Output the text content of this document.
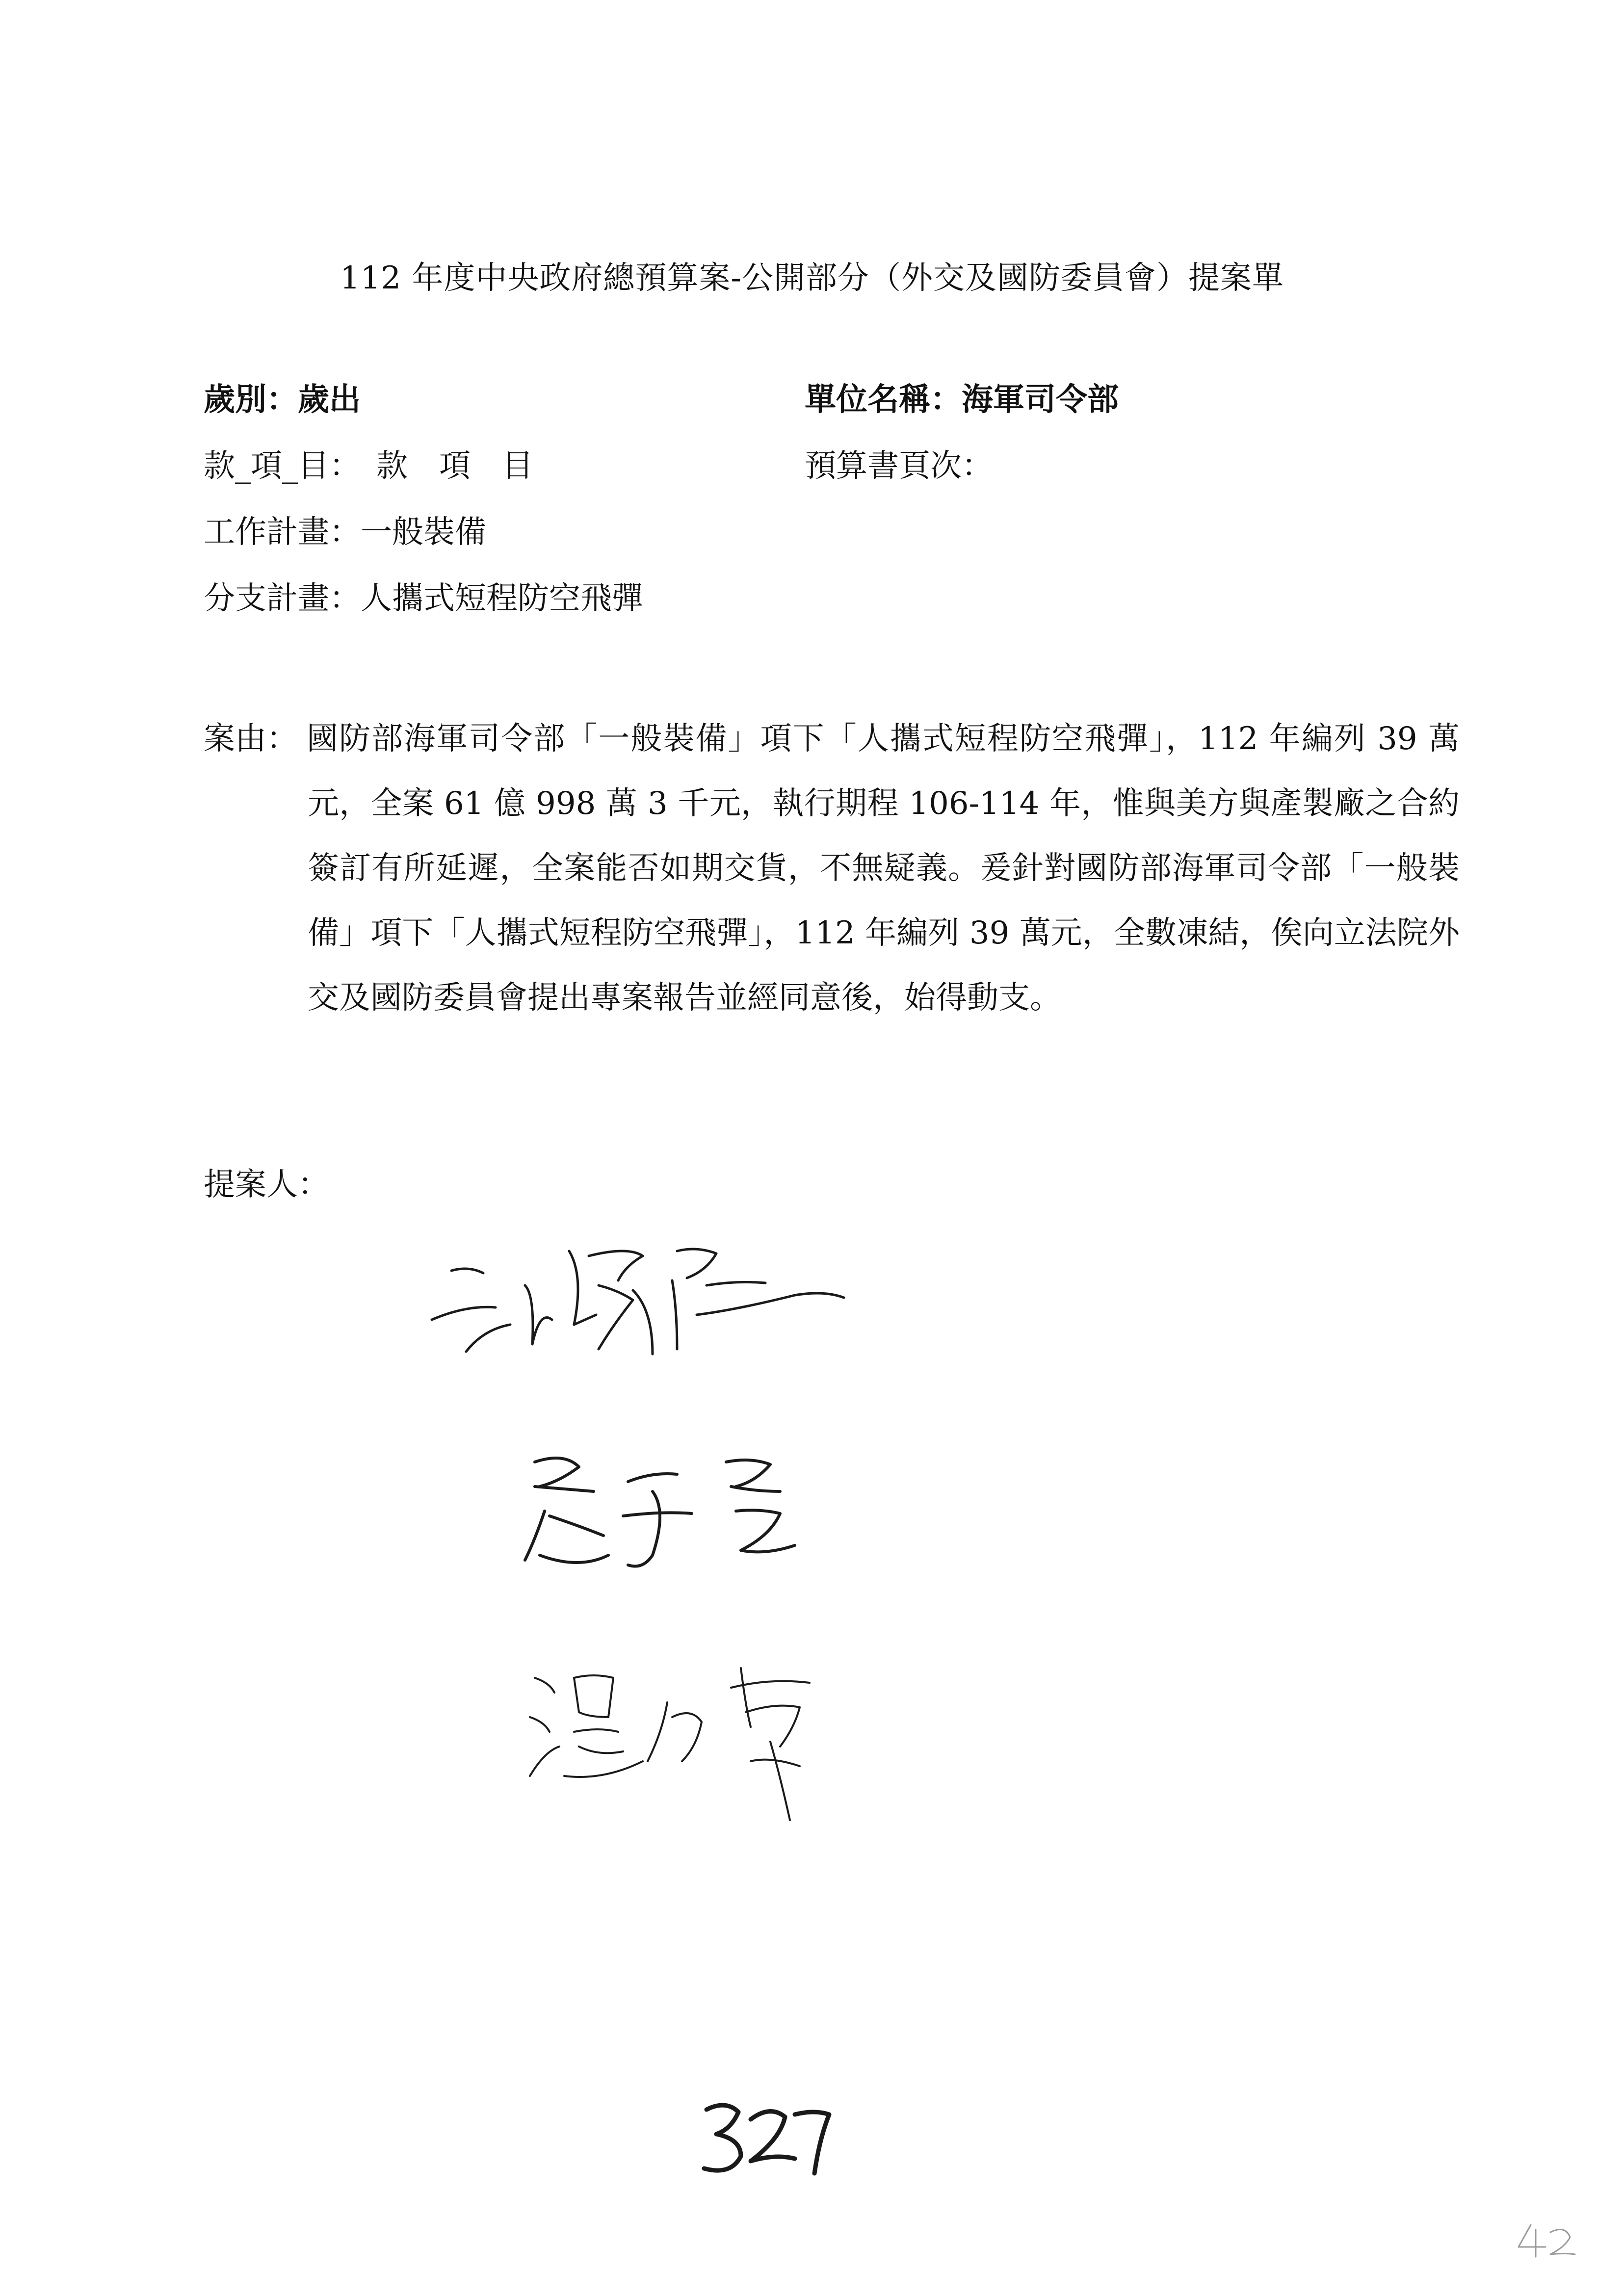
112 年度中央政府總預算案-公開部分（外交及國防委員會）提案單
歲別：歲出	單位名稱：海軍司令部
款_項_目：　款　項　目	預算書頁次：
工作計畫：一般裝備
分支計畫：人攜式短程防空飛彈
案由： 國防部海軍司令部「一般裝備」項下「人攜式短程防空飛彈」，112 年編列 39 萬元，全案 61 億 998 萬 3 千元，執行期程 106-114 年，惟與美方與產製廠之合約簽訂有所延遲，全案能否如期交貨，不無疑義。爰針對國防部海軍司令部「一般裝備」項下「人攜式短程防空飛彈」，112 年編列 39 萬元，全數凍結，俟向立法院外交及國防委員會提出專案報告並經同意後，始得動支。
提案人：
